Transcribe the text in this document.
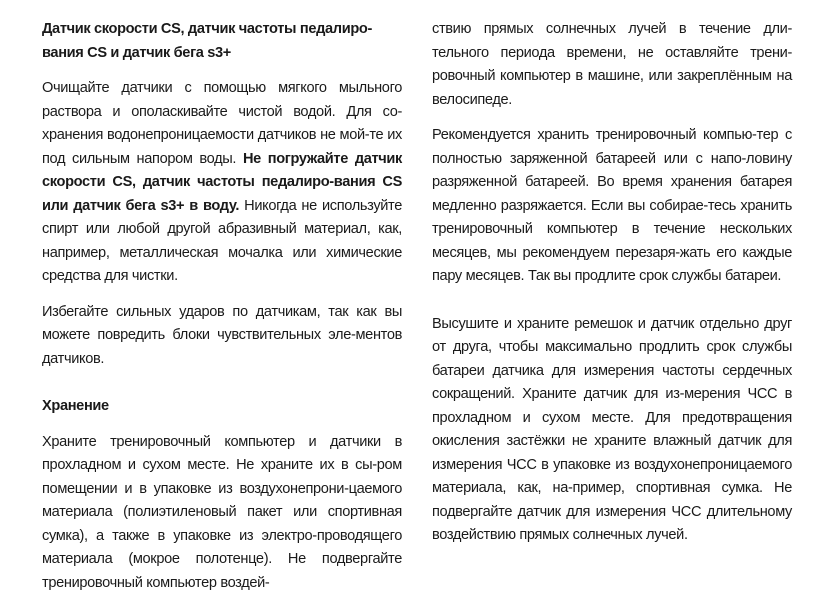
Датчик скорости CS, датчик частоты педалиро-
вания CS и датчик бега s3+

Очищайте датчики с помощью мягкого мыльного раствора и ополаскивайте чистой водой. Для со-хранения водонепроницаемости датчиков не мой-те их под сильным напором воды. Не погружайте датчик скорости CS, датчик частоты педалиро-вания CS или датчик бега s3+ в воду. Никогда не используйте спирт или любой другой абразивный материал, как, например, металлическая мочалка или химические средства для чистки.

Избегайте сильных ударов по датчикам, так как вы можете повредить блоки чувствительных эле-ментов датчиков.

Хранение

Храните тренировочный компьютер и датчики в прохладном и сухом месте. Не храните их в сы-ром помещении и в упаковке из воздухонепрони-цаемого материала (полиэтиленовый пакет или спортивная сумка), а также в упаковке из электро-проводящего материала (мокрое полотенце). Не подвергайте тренировочный компьютер воздей-

ствию прямых солнечных лучей в течение дли-тельного периода времени, не оставляйте трени-ровочный компьютер в машине, или закреплённым на велосипеде.

Рекомендуется хранить тренировочный компью-тер с полностью заряженной батареей или с напо-ловину разряженной батареей. Во время хранения батарея медленно разряжается. Если вы собирае-тесь хранить тренировочный компьютер в течение нескольких месяцев, мы рекомендуем перезаря-жать его каждые пару месяцев. Так вы продлите срок службы батареи.

Высушите и храните ремешок и датчик отдельно друг от друга, чтобы максимально продлить срок службы батареи датчика для измерения частоты сердечных сокращений. Храните датчик для из-мерения ЧСС в прохладном и сухом месте. Для предотвращения окисления застёжки не храните влажный датчик для измерения ЧСС в упаковке из воздухонепроницаемого материала, как, на-пример, спортивная сумка. Не подвергайте датчик для измерения ЧСС длительному воздействию прямых солнечных лучей.
